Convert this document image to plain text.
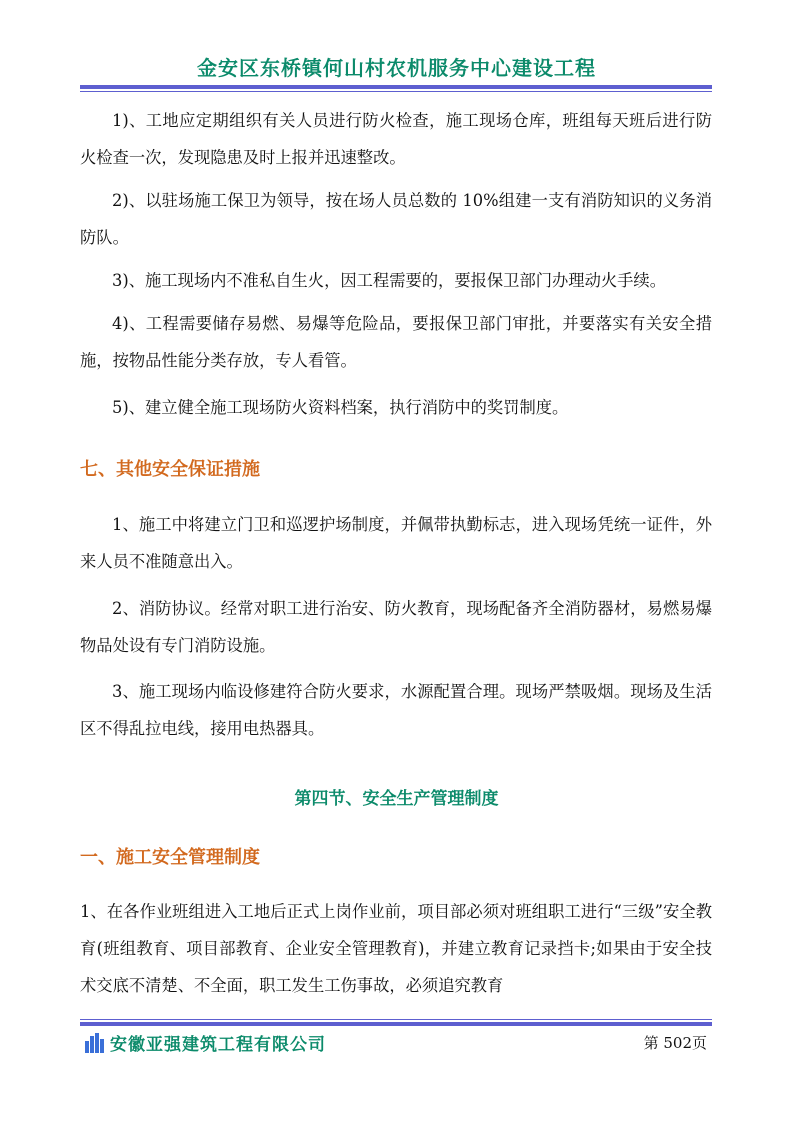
金安区东桥镇何山村农机服务中心建设工程

1)、工地应定期组织有关人员进行防火检查，施工现场仓库，班组每天班后进行防火检查一次，发现隐患及时上报并迅速整改。

2)、以驻场施工保卫为领导，按在场人员总数的 10%组建一支有消防知识的义务消防队。

3)、施工现场内不准私自生火，因工程需要的，要报保卫部门办理动火手续。

4)、工程需要储存易燃、易爆等危险品，要报保卫部门审批，并要落实有关安全措施，按物品性能分类存放，专人看管。

5)、建立健全施工现场防火资料档案，执行消防中的奖罚制度。

七、其他安全保证措施

1、施工中将建立门卫和巡逻护场制度，并佩带执勤标志，进入现场凭统一证件，外来人员不准随意出入。

2、消防协议。经常对职工进行治安、防火教育，现场配备齐全消防器材，易燃易爆物品处设有专门消防设施。

3、施工现场内临设修建符合防火要求，水源配置合理。现场严禁吸烟。现场及生活区不得乱拉电线，接用电热器具。

第四节、安全生产管理制度
一、施工安全管理制度

1、在各作业班组进入工地后正式上岗作业前，项目部必须对班组职工进行“三级”安全教育(班组教育、项目部教育、企业安全管理教育)，并建立教育记录挡卡;如果由于安全技术交底不清楚、不全面，职工发生工伤事故，必须追究教育

安徽亚强建筑工程有限公司	第 502页
